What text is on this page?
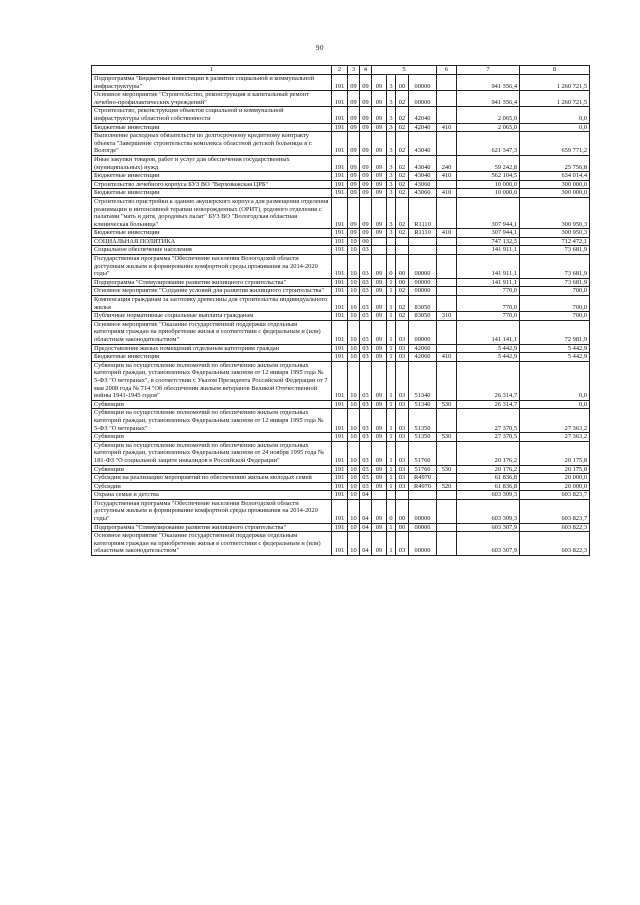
90
1	2	3	4	5				6	7	8
Подпрограмма "Бюджетные инвестиции в развитие социальной и коммунальной инфраструктуры"	191	09	09	09	3	00	00000		941 356,4	1 260 721,5
Основное мероприятие "Строительство, реконструкция и капитальный ремонт лечебно-профилактических учреждений"	191	09	09	09	3	02	00000		941 356,4	1 260 721,5
Строительство, реконструкция объектов социальной и коммунальной инфраструктуры областной собственности	191	09	09	09	3	02	42040		2 065,0	0,0
Бюджетные инвестиции	191	09	09	09	3	02	42040	410	2 065,0	0,0
Выполнение расходных обязательств по долгосрочному кредитному контракту объекта "Завершение строительства комплекса областной детской больницы в г. Вологде"	191	09	09	09	3	02	43040		621 347,3	659 771,2
Иные закупки товаров, работ и услуг для обеспечения государственных (муниципальных) нужд	191	09	09	09	3	02	43040	240	59 242,8	25 756,8
Бюджетные инвестиции	191	09	09	09	3	02	43040	410	562 104,5	634 014,4
Строительство лечебного корпуса БУЗ ВО "Верховажская ЦРБ"	191	09	09	09	3	02	43060		10 000,0	300 000,0
Бюджетные инвестиции	191	09	09	09	3	02	43060	410	10 000,0	300 000,0
Строительство пристройки к зданию акушерского корпуса для размещения отделения реанимации и интенсивной терапии новорожденных (ОРИТ), родового отделения с палатами "мать и дитя, дородовых палат" БУЗ ВО "Вологодская областная клиническая больница"	191	09	09	09	3	02	R1110		307 944,1	300 950,3
Бюджетные инвестиции	191	09	09	09	3	02	R1110	410	307 944,1	300 950,3
СОЦИАЛЬНАЯ ПОЛИТИКА	191	10	00						747 132,5	712 472,1
Социальное обеспечение населения	191	10	03						141 911,1	73 681,9
Государственная программа "Обеспечение населения Вологодской области доступным жильем и формирование комфортной среды проживания на 2014-2020 годы"	191	10	03	09	0	00	00000		141 911,1	73 681,9
Подпрограмма "Стимулирование развития жилищного строительства"	191	10	03	09	1	00	00000		141 911,1	73 681,9
Основное мероприятие "Создание условий для развития жилищного строительства"	191	10	03	09	1	02	00000		770,0	700,0
Компенсация гражданам за заготовку древесины для строительства индивидуального жилья	191	10	03	09	1	02	83050		770,0	700,0
Публичные нормативные социальные выплаты гражданам	191	10	03	09	1	02	83050	310	770,0	700,0
Основное мероприятие "Оказание государственной поддержки отдельным категориям граждан на приобретение жилья в соответствии с федеральным и (или) областным законодательством"	191	10	03	09	1	03	00000		141 141,1	72 981,9
Предоставление жилых помещений отдельным категориям граждан	191	10	03	09	1	03	42060		5 442,9	5 442,9
Бюджетные инвестиции	191	10	03	09	1	03	42060	410	5 442,9	5 442,9
Субвенции на осуществление полномочий по обеспечению жильем отдельных категорий граждан, установленных Федеральным законом от 12 января 1995 года № 5-ФЗ "О ветеранах", в соответствии с Указом Президента Российской Федерации от 7 мая 2008 года № 714 "Об обеспечении жильем ветеранов Великой Отечественной войны 1941-1945 годов"	191	10	03	09	1	03	51340		26 314,7	0,0
Субвенции	191	10	03	09	1	03	51340	530	26 314,7	0,0
Субвенции на осуществление полномочий по обеспечению жильем отдельных категорий граждан, установленных Федеральным законом от 12 января 1995 года № 5-ФЗ "О ветеранах"	191	10	03	09	1	03	51350		27 370,5	27 363,2
Субвенции	191	10	03	09	1	03	51350	530	27 370,5	27 363,2
Субвенции на осуществление полномочий по обеспечению жильем отдельных категорий граждан, установленных Федеральным законом от 24 ноября 1995 года № 181-ФЗ "О социальной защите инвалидов в Российской Федерации"	191	10	03	09	1	03	51760		20 176,2	20 175,8
Субвенции	191	10	03	09	1	03	51760	530	20 176,2	20 175,8
Субсидии на реализацию мероприятий по обеспечению жильем молодых семей	191	10	03	09	1	03	R4970		61 836,8	20 000,0
Субсидии	191	10	03	09	1	03	R4970	520	61 836,8	20 000,0
Охрана семьи и детства	191	10	04						603 309,3	603 823,7
Государственная программа "Обеспечение населения Вологодской области доступным жильем и формирование комфортной среды проживания на 2014-2020 годы"	191	10	04	09	0	00	00000		603 309,3	603 823,7
Подпрограмма "Стимулирование развития жилищного строительства"	191	10	04	09	1	00	00000		603 307,9	603 822,3
Основное мероприятие "Оказание государственной поддержки отдельным категориям граждан на приобретение жилья в соответствии с федеральным и (или) областным законодательством"	191	10	04	09	1	03	00000		603 307,9	603 822,3
